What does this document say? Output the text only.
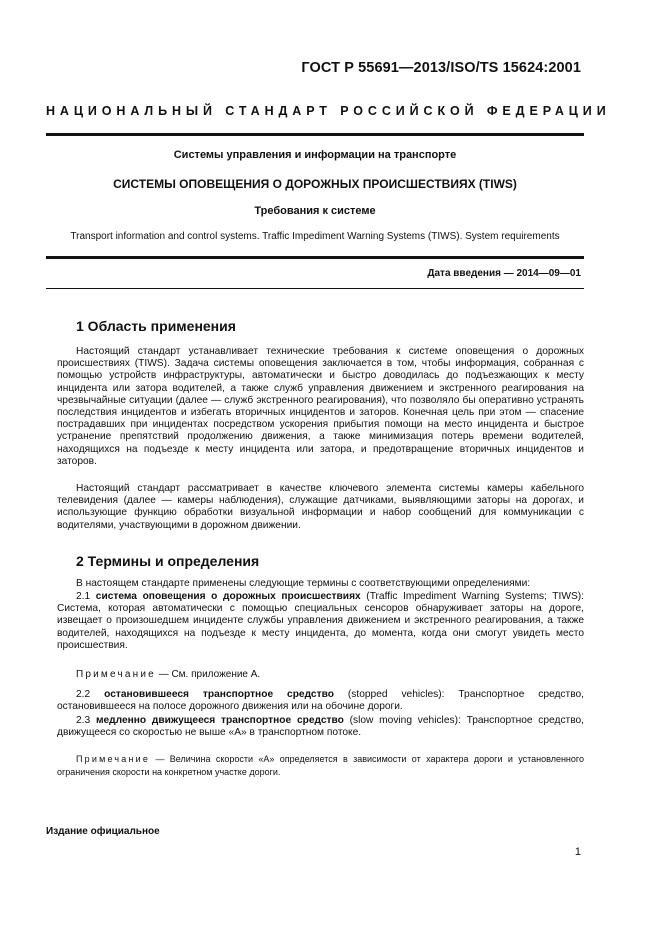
ГОСТ Р 55691—2013/ISO/TS 15624:2001
НАЦИОНАЛЬНЫЙ СТАНДАРТ РОССИЙСКОЙ ФЕДЕРАЦИИ
Системы управления и информации на транспорте
СИСТЕМЫ ОПОВЕЩЕНИЯ О ДОРОЖНЫХ ПРОИСШЕСТВИЯХ (TIWS)
Требования к системе
Transport information and control systems. Traffic Impediment Warning Systems (TIWS). System requirements
Дата введения — 2014—09—01
1 Область применения
Настоящий стандарт устанавливает технические требования к системе оповещения о дорожных происшествиях (TIWS). Задача системы оповещения заключается в том, чтобы информация, собранная с помощью устройств инфраструктуры, автоматически и быстро доводилась до подъезжающих к месту инцидента или затора водителей, а также служб управления движением и экстренного реагирования на чрезвычайные ситуации (далее — служб экстренного реагирования), что позволяло бы оперативно устранять последствия инцидентов и избегать вторичных инцидентов и заторов. Конечная цель при этом — спасение пострадавших при инцидентах посредством ускорения прибытия помощи на место инцидента и быстрое устранение препятствий продолжению движения, а также минимизация потерь времени водителей, находящихся на подъезде к месту инцидента или затора, и предотвращение вторичных инцидентов и заторов.
Настоящий стандарт рассматривает в качестве ключевого элемента системы камеры кабельного телевидения (далее — камеры наблюдения), служащие датчиками, выявляющими заторы на дорогах, и использующие функцию обработки визуальной информации и набор сообщений для коммуникации с водителями, участвующими в дорожном движении.
2 Термины и определения
В настоящем стандарте применены следующие термины с соответствующими определениями:
2.1 система оповещения о дорожных происшествиях (Traffic Impediment Warning Systems; TIWS): Система, которая автоматически с помощью специальных сенсоров обнаруживает заторы на дороге, извещает о произошедшем инциденте службы управления движением и экстренного реагирования, а также водителей, находящихся на подъезде к месту инцидента, до момента, когда они смогут увидеть место происшествия.
Примечание — См. приложение А.
2.2 остановившееся транспортное средство (stopped vehicles): Транспортное средство, остановившееся на полосе дорожного движения или на обочине дороги.
2.3 медленно движущееся транспортное средство (slow moving vehicles): Транспортное средство, движущееся со скоростью не выше «А» в транспортном потоке.
Примечание — Величина скорости «А» определяется в зависимости от характера дороги и установленного ограничения скорости на конкретном участке дороги.
Издание официальное
1
